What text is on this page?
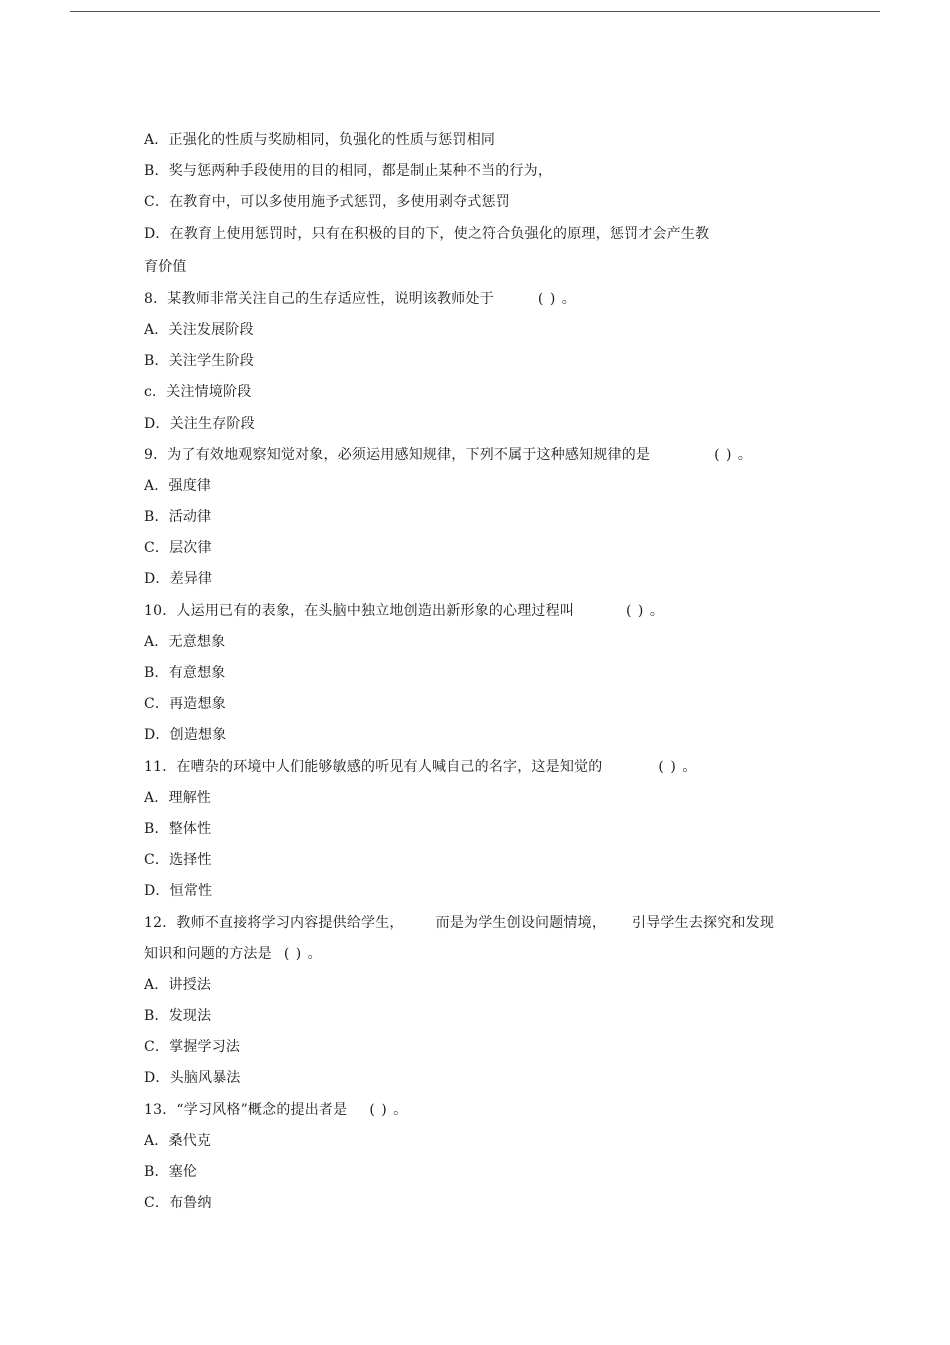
A．正强化的性质与奖励相同，负强化的性质与惩罚相同
B．奖与惩两种手段使用的目的相同，都是制止某种不当的行为，
C．在教育中，可以多使用施予式惩罚，多使用剥夺式惩罚
D．在教育上使用惩罚时，只有在积极的目的下，使之符合负强化的原理，惩罚才会产生教
育价值
8．某教师非常关注自己的生存适应性，说明该教师处于	( ) 。
A．关注发展阶段
B．关注学生阶段
c．关注情境阶段
D．关注生存阶段
9．为了有效地观察知觉对象，必须运用感知规律，下列不属于这种感知规律的是	( ) 。
A．强度律
B．活动律
C．层次律
D．差异律
10．人运用已有的表象，在头脑中独立地创造出新形象的心理过程叫	( ) 。
A．无意想象
B．有意想象
C．再造想象
D．创造想象
11．在嘈杂的环境中人们能够敏感的听见有人喊自己的名字，这是知觉的	( ) 。
A．理解性
B．整体性
C．选择性
D．恒常性
12．教师不直接将学习内容提供给学生， 而是为学生创设问题情境， 引导学生去探究和发现
知识和问题的方法是 ( ) 。
A．讲授法
B．发现法
C．掌握学习法
D．头脑风暴法
13．“学习风格”概念的提出者是 ( ) 。
A．桑代克
B．塞伦
C．布鲁纳
